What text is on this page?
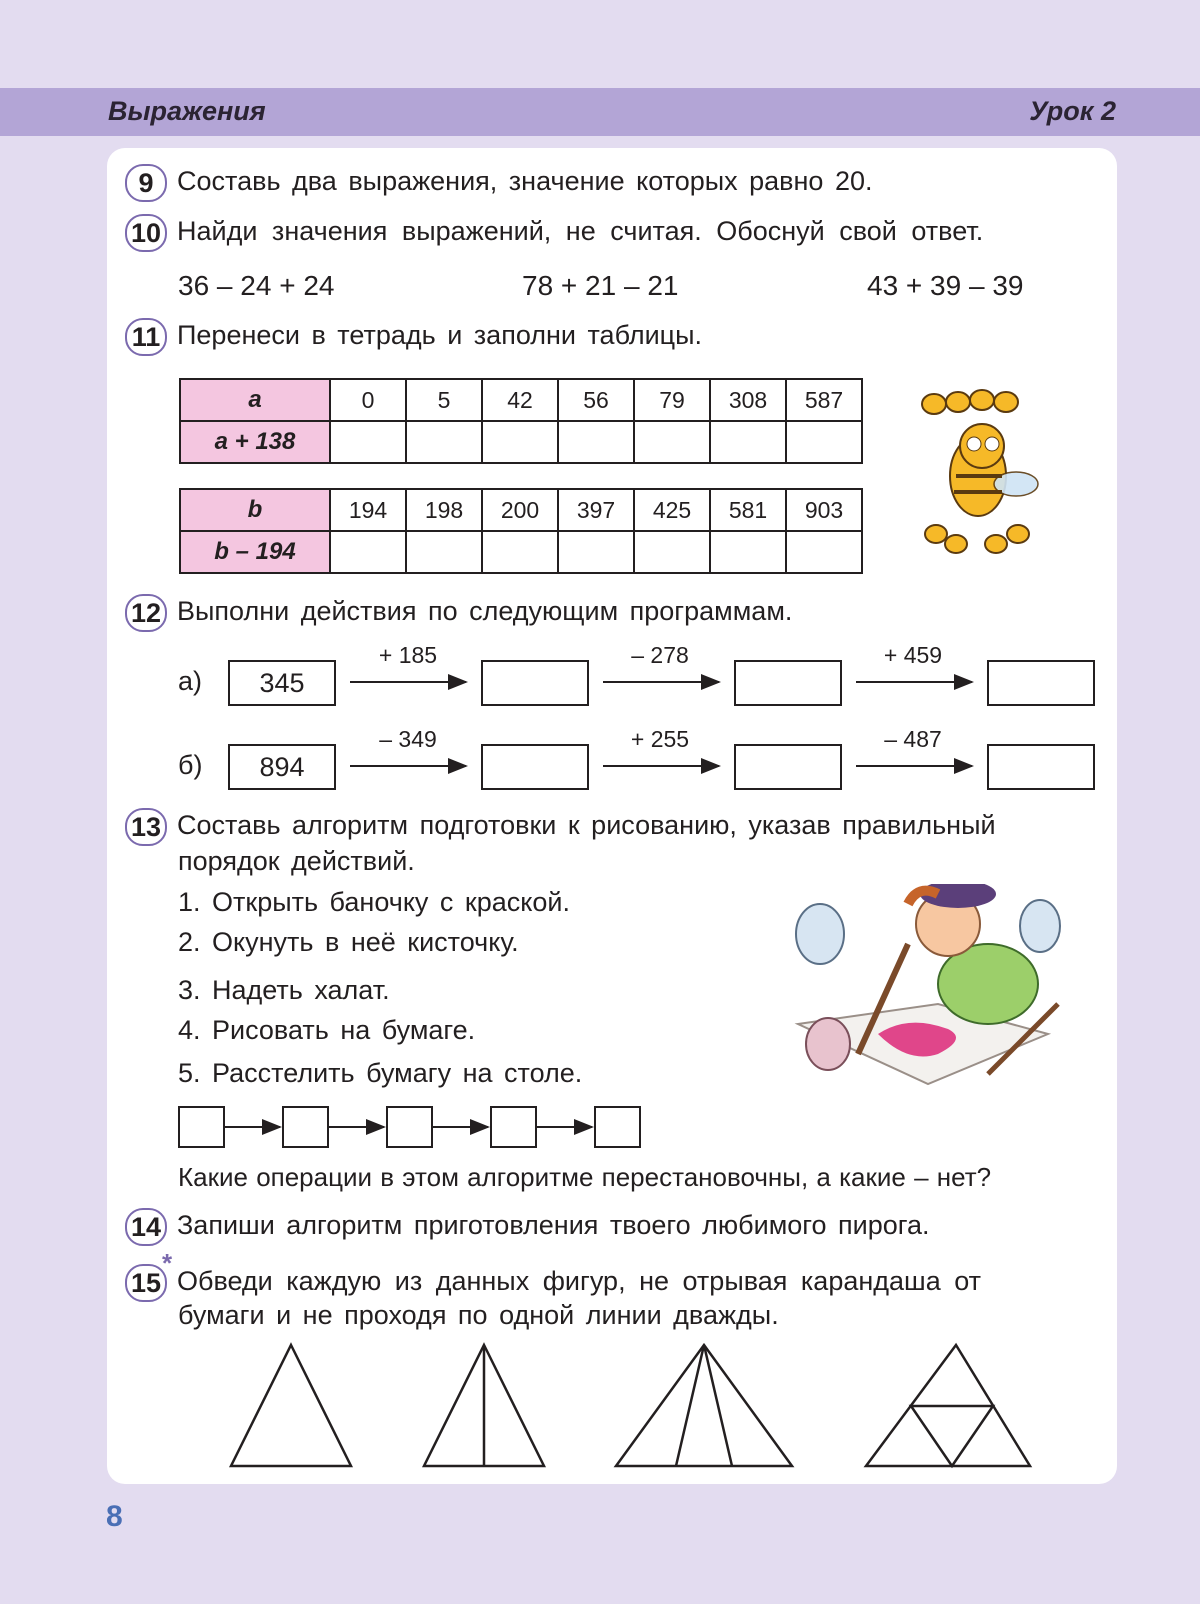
Выражения	Урок 2
9 Составь два выражения, значение которых равно 20.
10 Найди значения выражений, не считая. Обоснуй свой ответ.
36 – 24 + 24	78 + 21 – 21	43 + 39 – 39
11 Перенеси в тетрадь и заполни таблицы.
a	0	5	42	56	79	308	587
a + 138							
b	194	198	200	397	425	581	903
b – 194							
12 Выполни действия по следующим программам.
а)	345
+ 185	– 278	+ 459
б)	894
– 349	+ 255	– 487
13 Составь алгоритм подготовки к рисованию, указав правильный
порядок действий.
1. Открыть баночку с краской.
2. Окунуть в неё кисточку.
3. Надеть халат.
4. Рисовать на бумаге.
5. Расстелить бумагу на столе.
Какие операции в этом алгоритме перестановочны, а какие – нет?
14 Запиши алгоритм приготовления твоего любимого пирога.
15 Обведи каждую из данных фигур, не отрывая карандаша от
*
бумаги и не проходя по одной линии дважды.
8
